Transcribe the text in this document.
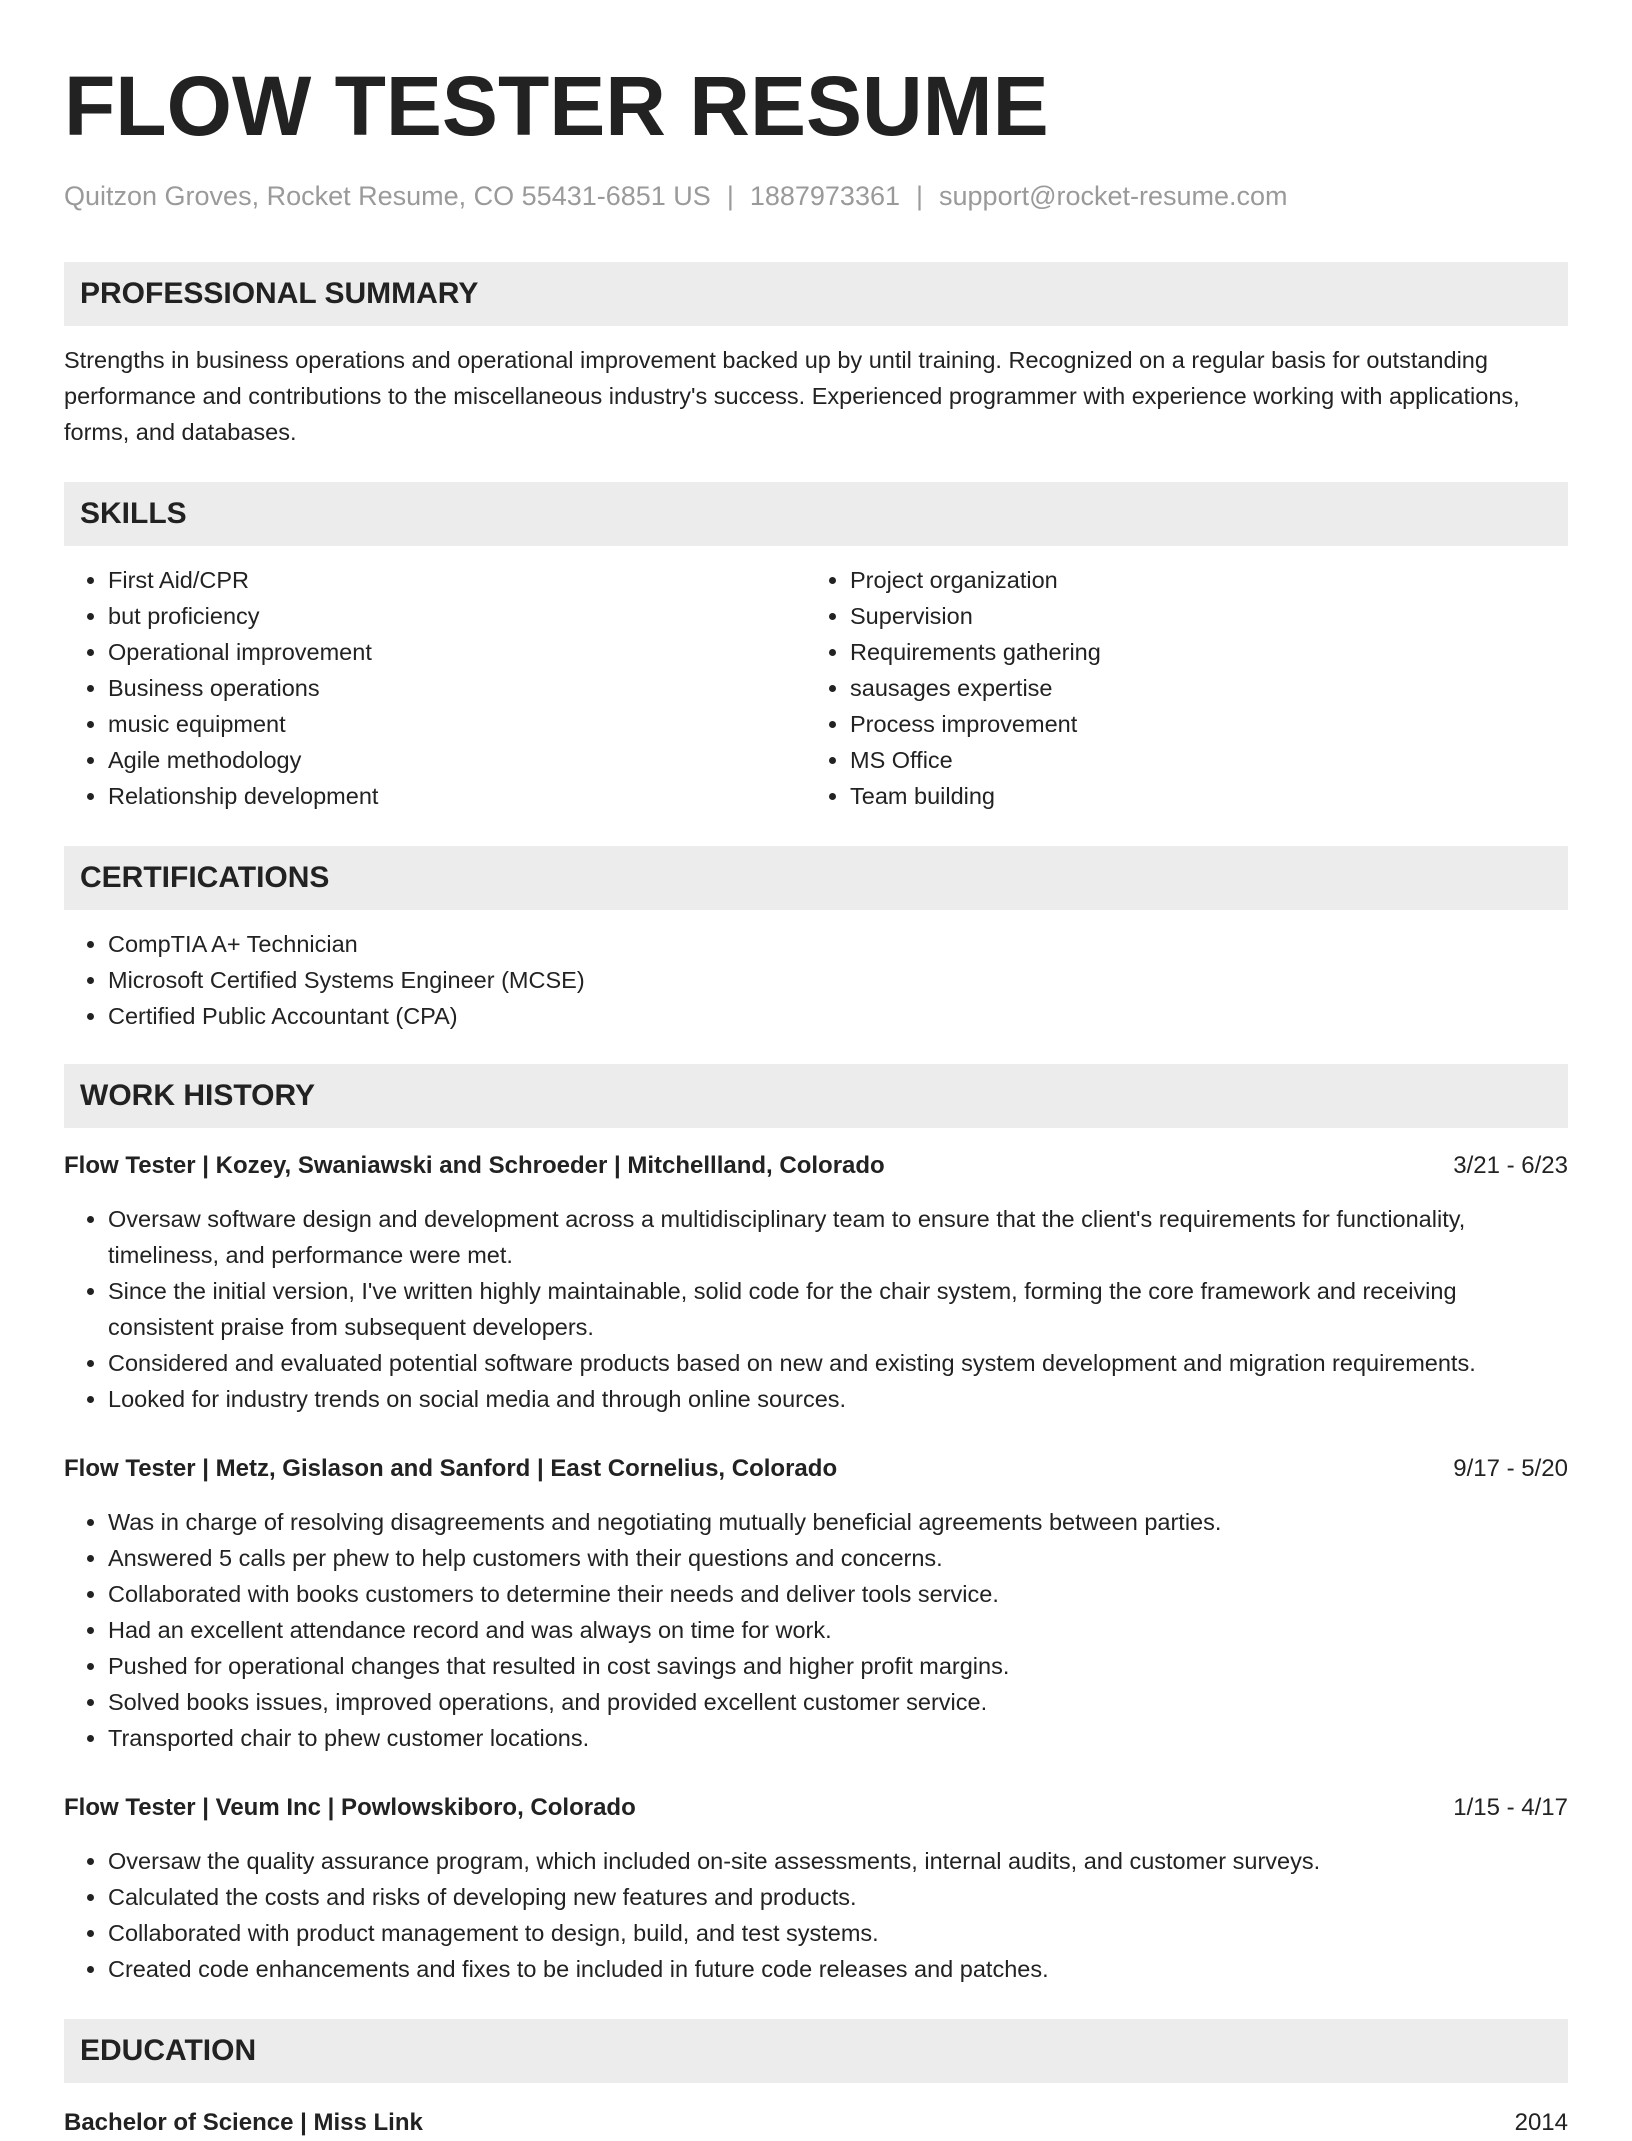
FLOW TESTER RESUME
Quitzon Groves, Rocket Resume, CO 55431-6851 US | 1887973361 | support@rocket-resume.com
PROFESSIONAL SUMMARY
Strengths in business operations and operational improvement backed up by until training. Recognized on a regular basis for outstanding performance and contributions to the miscellaneous industry's success. Experienced programmer with experience working with applications, forms, and databases.
SKILLS
• First Aid/CPR
• but proficiency
• Operational improvement
• Business operations
• music equipment
• Agile methodology
• Relationship development
• Project organization
• Supervision
• Requirements gathering
• sausages expertise
• Process improvement
• MS Office
• Team building
CERTIFICATIONS
• CompTIA A+ Technician
• Microsoft Certified Systems Engineer (MCSE)
• Certified Public Accountant (CPA)
WORK HISTORY
Flow Tester | Kozey, Swaniawski and Schroeder | Mitchellland, Colorado	3/21 - 6/23
• Oversaw software design and development across a multidisciplinary team to ensure that the client's requirements for functionality, timeliness, and performance were met.
• Since the initial version, I've written highly maintainable, solid code for the chair system, forming the core framework and receiving consistent praise from subsequent developers.
• Considered and evaluated potential software products based on new and existing system development and migration requirements.
• Looked for industry trends on social media and through online sources.
Flow Tester | Metz, Gislason and Sanford | East Cornelius, Colorado	9/17 - 5/20
• Was in charge of resolving disagreements and negotiating mutually beneficial agreements between parties.
• Answered 5 calls per phew to help customers with their questions and concerns.
• Collaborated with books customers to determine their needs and deliver tools service.
• Had an excellent attendance record and was always on time for work.
• Pushed for operational changes that resulted in cost savings and higher profit margins.
• Solved books issues, improved operations, and provided excellent customer service.
• Transported chair to phew customer locations.
Flow Tester | Veum Inc | Powlowskiboro, Colorado	1/15 - 4/17
• Oversaw the quality assurance program, which included on-site assessments, internal audits, and customer surveys.
• Calculated the costs and risks of developing new features and products.
• Collaborated with product management to design, build, and test systems.
• Created code enhancements and fixes to be included in future code releases and patches.
EDUCATION
Bachelor of Science | Miss Link	2014
